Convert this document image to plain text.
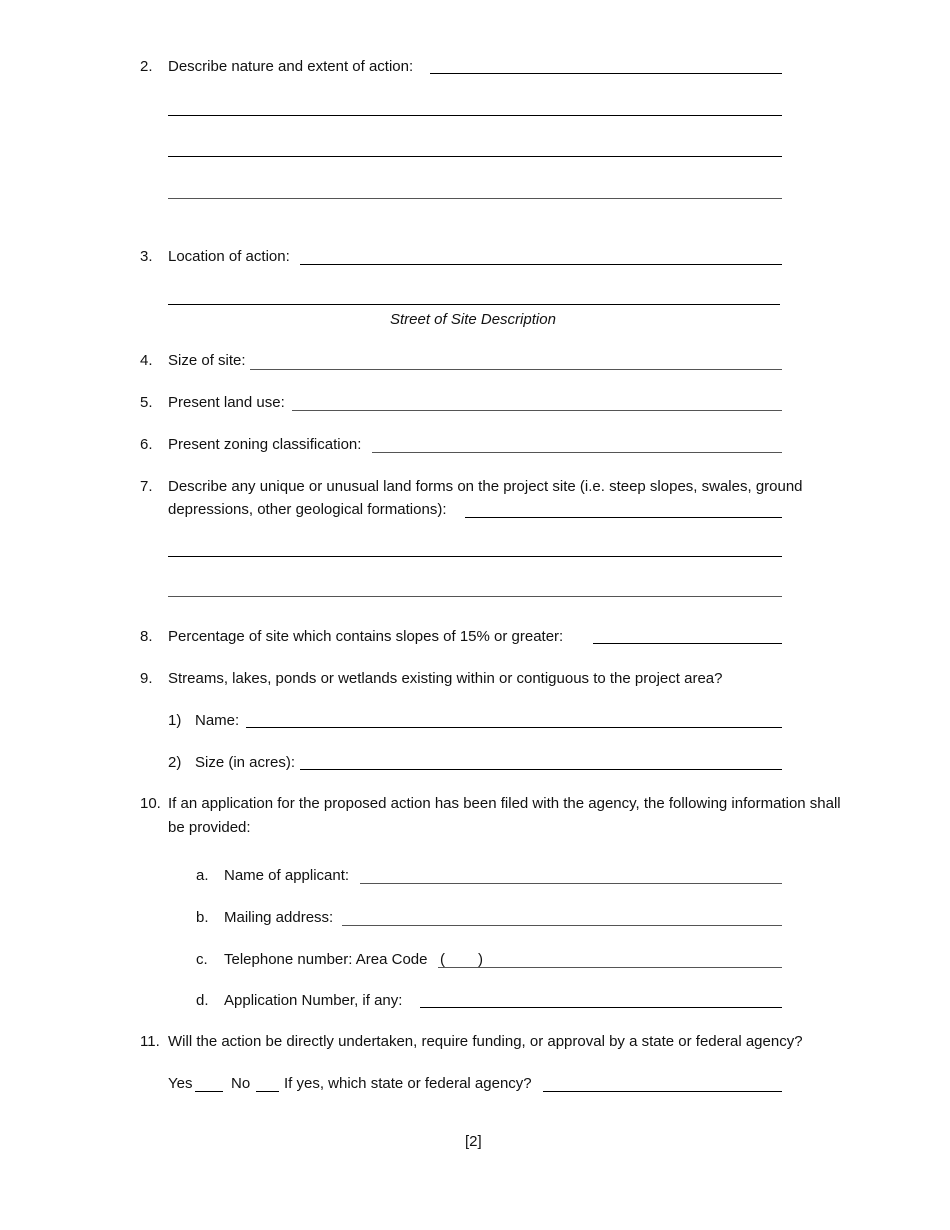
2. Describe nature and extent of action:
3. Location of action:
Street of Site Description
4. Size of site:
5. Present land use:
6. Present zoning classification:
7. Describe any unique or unusual land forms on the project site (i.e. steep slopes, swales, ground
depressions, other geological formations):
8. Percentage of site which contains slopes of 15% or greater:
9. Streams, lakes, ponds or wetlands existing within or contiguous to the project area?
1) Name:
2) Size (in acres):
10. If an application for the proposed action has been filed with the agency, the following information shall
be provided:
a. Name of applicant:
b. Mailing address:
c. Telephone number: Area Code ( )
d. Application Number, if any:
11. Will the action be directly undertaken, require funding, or approval by a state or federal agency?
Yes	No If yes, which state or federal agency?
[2]
